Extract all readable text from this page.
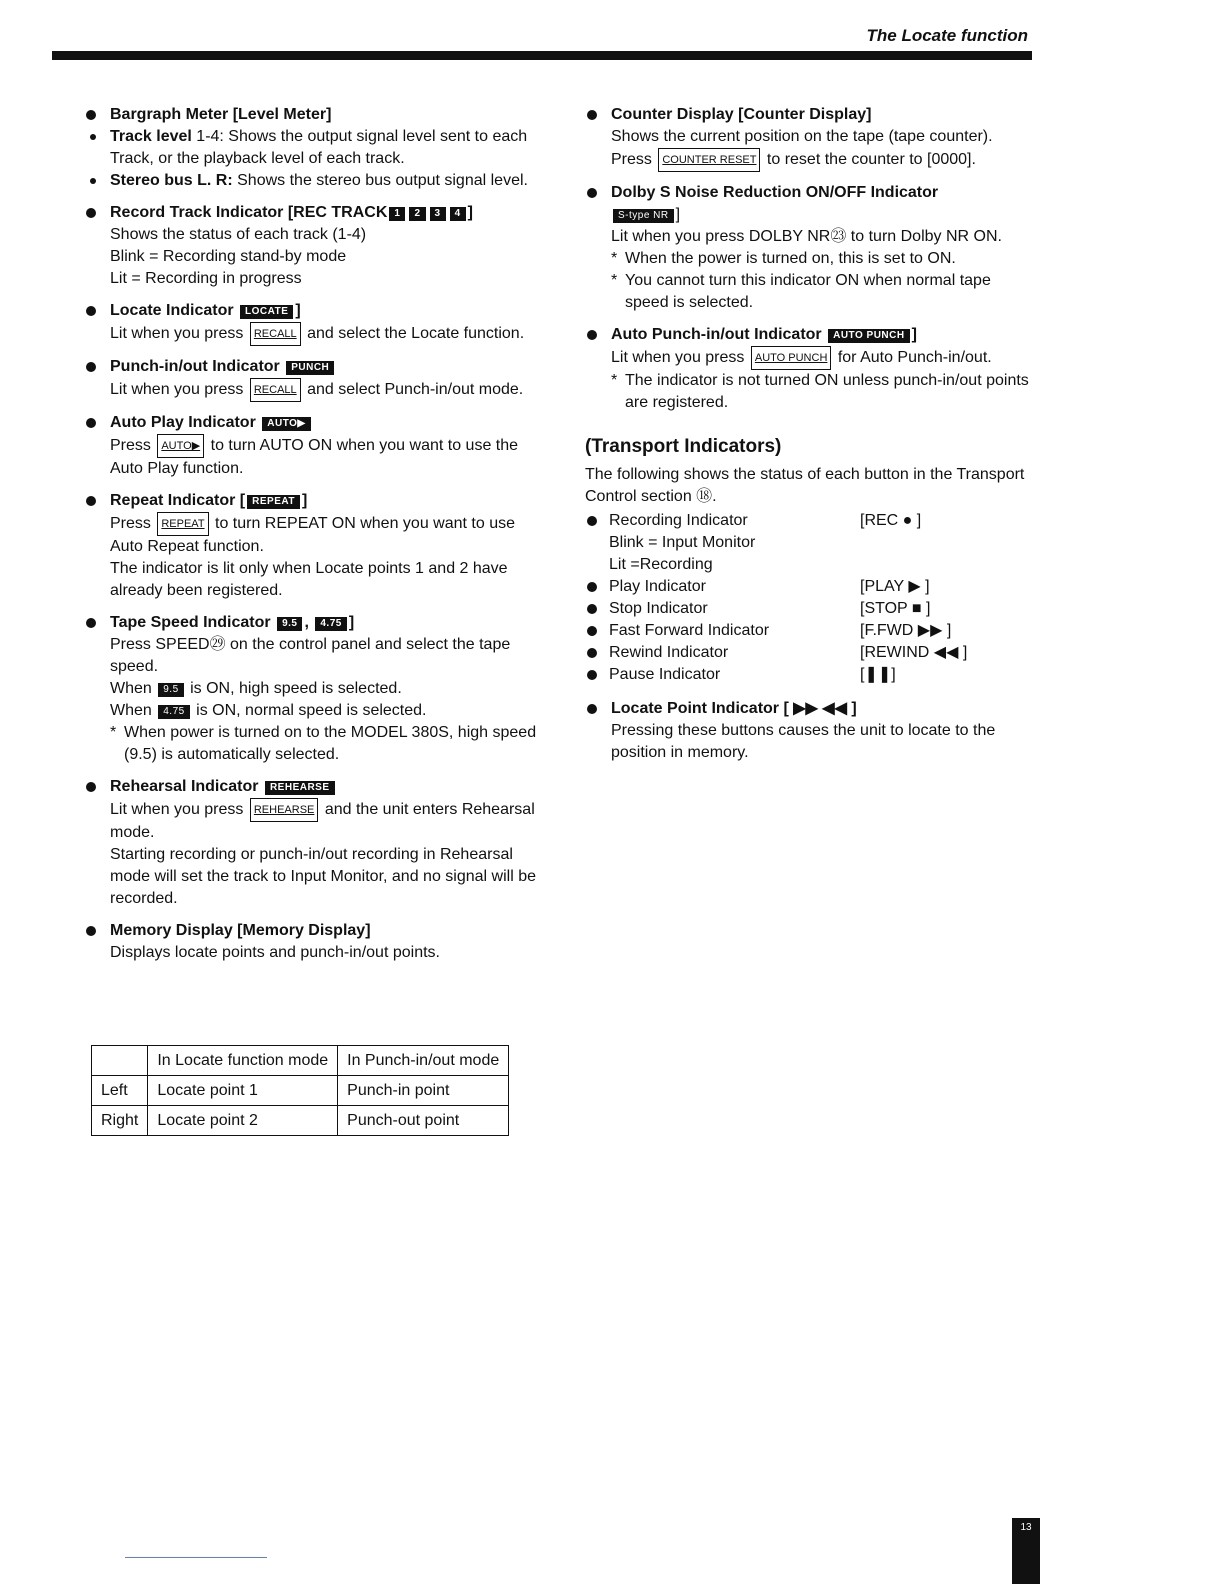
The Locate function

Bargraph Meter [Level Meter]

Track level 1-4: Shows the output signal level sent to each Track, or the playback level of each track.
Stereo bus L. R: Shows the stereo bus output signal level.

Record Track Indicator [REC TRACK 1 2 3 4 ]

Shows the status of each track (1-4)

Blink = Recording stand-by mode

Lit = Recording in progress

Locate Indicator LOCATE ]

Lit when you press RECALL and select the Locate function.

Punch-in/out Indicator PUNCH

Lit when you press RECALL and select Punch-in/out mode.

Auto Play Indicator AUTO▶

Press AUTO▶ to turn AUTO ON when you want to use the Auto Play function.

Repeat Indicator [ REPEAT ]

Press REPEAT to turn REPEAT ON when you want to use Auto Repeat function.

The indicator is lit only when Locate points 1 and 2 have already been registered.

Tape Speed Indicator 9.5 , 4.75 ]

Press SPEED㉙ on the control panel and select the tape speed.

When 9.5 is ON, high speed is selected.

When 4.75 is ON, normal speed is selected.

* When power is turned on to the MODEL 380S, high speed (9.5) is automatically selected.

Rehearsal Indicator REHEARSE

Lit when you press REHEARSE and the unit enters Rehearsal mode.

Starting recording or punch-in/out recording in Rehearsal mode will set the track to Input Monitor, and no signal will be recorded.

Memory Display [Memory Display]

Displays locate points and punch-in/out points.

	In Locate function mode	In Punch-in/out mode
Left	Locate point 1	Punch-in point
Right	Locate point 2	Punch-out point

Counter Display [Counter Display]

Shows the current position on the tape (tape counter).

Press COUNTER RESET to reset the counter to [0000].

Dolby S Noise Reduction ON/OFF Indicator

S-type NR ]

Lit when you press DOLBY NR㉓ to turn Dolby NR ON.

* When the power is turned on, this is set to ON.
* You cannot turn this indicator ON when normal tape speed is selected.

Auto Punch-in/out Indicator AUTO PUNCH ]

Lit when you press AUTO PUNCH for Auto Punch-in/out.

* The indicator is not turned ON unless punch-in/out points are registered.
(Transport Indicators)

The following shows the status of each button in the Transport Control section ⑱.

Recording Indicator	[REC ● ]
Blink = Input Monitor
Lit =Recording
Play Indicator	[PLAY ▶ ]
Stop Indicator	[STOP ■ ]
Fast Forward Indicator	[F.FWD ▶▶ ]
Rewind Indicator	[REWIND ◀◀ ]
Pause Indicator	[❚❚]

Locate Point Indicator [ ▶▶ ◀◀ ]

Pressing these buttons causes the unit to locate to the position in memory.

13
